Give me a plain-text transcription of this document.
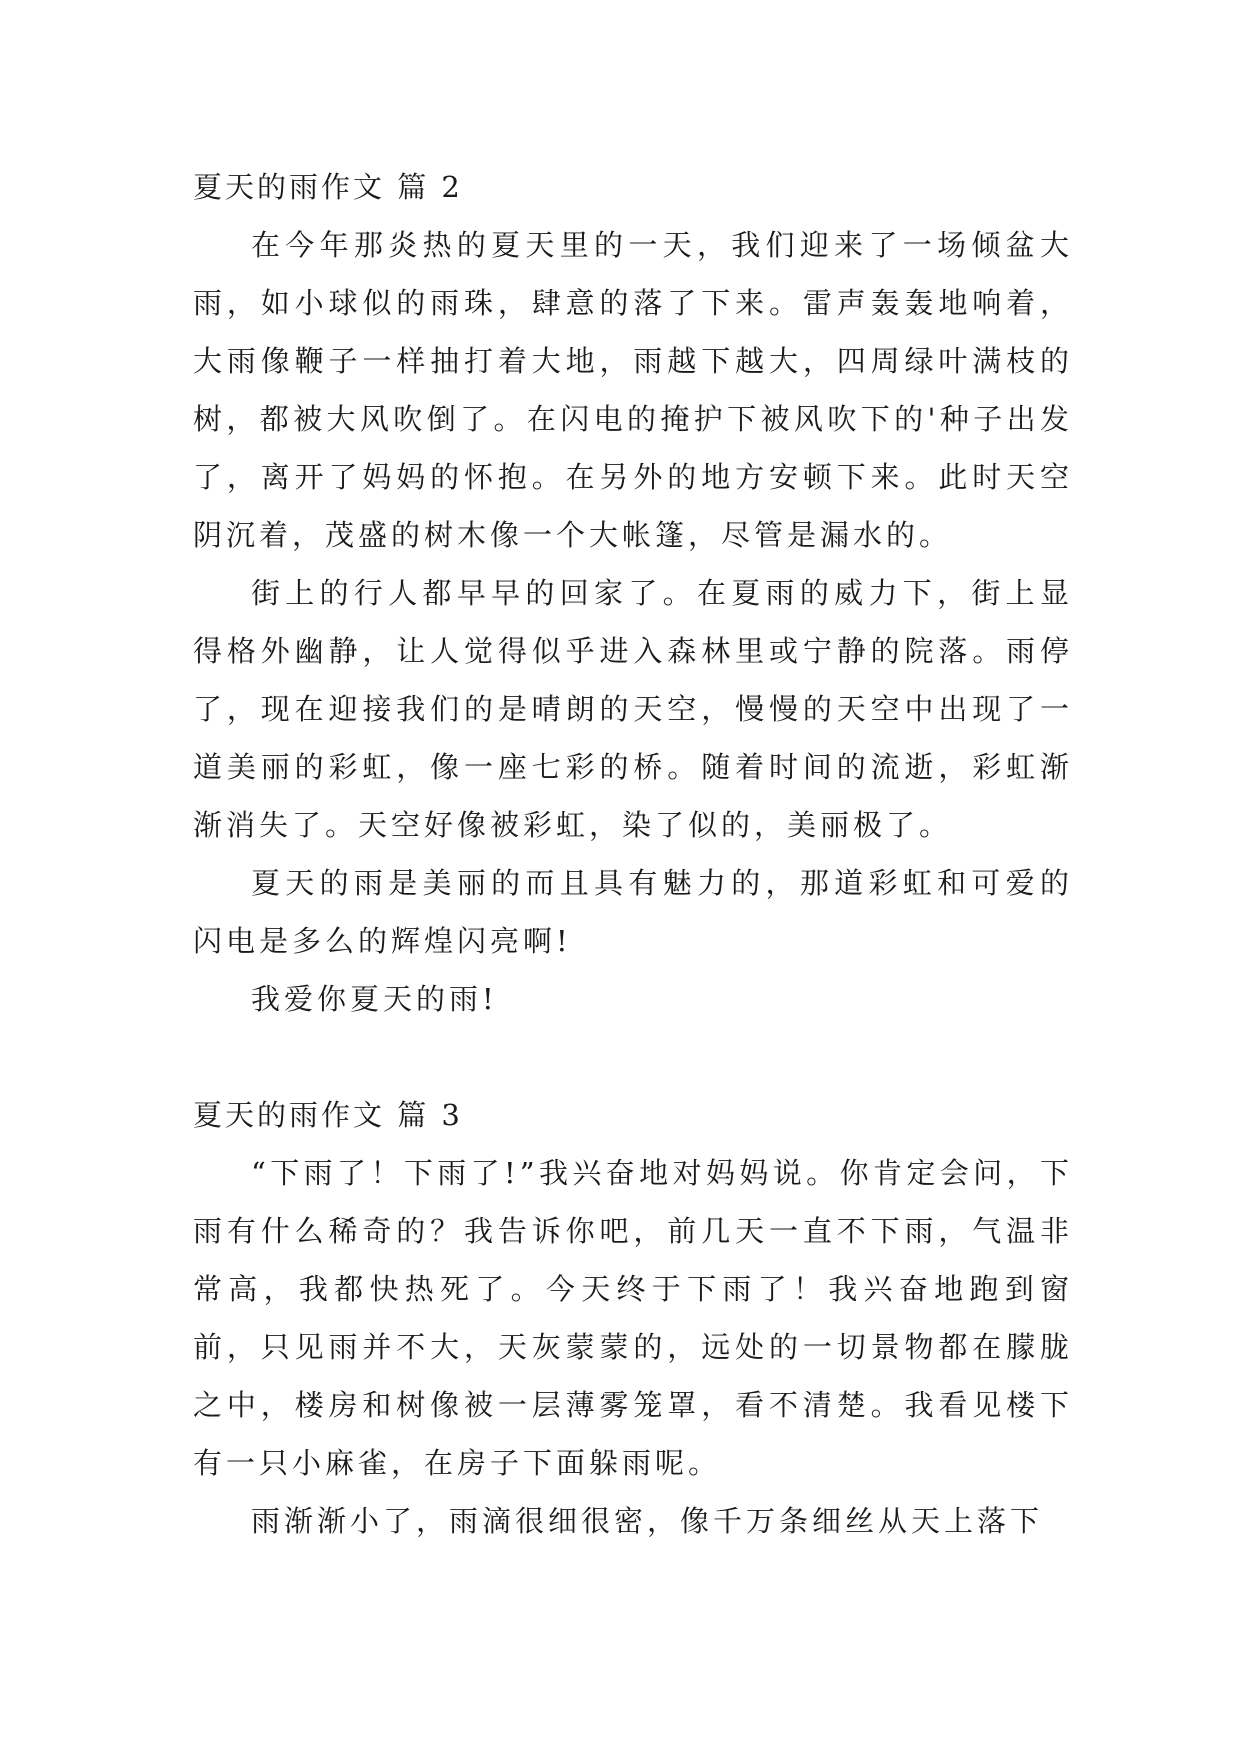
夏天的雨作文 篇 2

在今年那炎热的夏天里的一天，我们迎来了一场倾盆大雨，如小球似的雨珠，肆意的落了下来。雷声轰轰地响着，大雨像鞭子一样抽打着大地，雨越下越大，四周绿叶满枝的树，都被大风吹倒了。在闪电的掩护下被风吹下的'种子出发了，离开了妈妈的怀抱。在另外的地方安顿下来。此时天空阴沉着，茂盛的树木像一个大帐篷，尽管是漏水的。

街上的行人都早早的回家了。在夏雨的威力下，街上显得格外幽静，让人觉得似乎进入森林里或宁静的院落。雨停了，现在迎接我们的是晴朗的天空，慢慢的天空中出现了一道美丽的彩虹，像一座七彩的桥。随着时间的流逝，彩虹渐渐消失了。天空好像被彩虹，染了似的，美丽极了。

夏天的雨是美丽的而且具有魅力的，那道彩虹和可爱的闪电是多么的辉煌闪亮啊!

我爱你夏天的雨!

夏天的雨作文 篇 3

“下雨了！下雨了!”我兴奋地对妈妈说。你肯定会问，下雨有什么稀奇的？我告诉你吧，前几天一直不下雨，气温非常高，我都快热死了。今天终于下雨了！我兴奋地跑到窗前，只见雨并不大，天灰蒙蒙的，远处的一切景物都在朦胧之中，楼房和树像被一层薄雾笼罩，看不清楚。我看见楼下有一只小麻雀，在房子下面躲雨呢。

雨渐渐小了，雨滴很细很密，像千万条细丝从天上落下
